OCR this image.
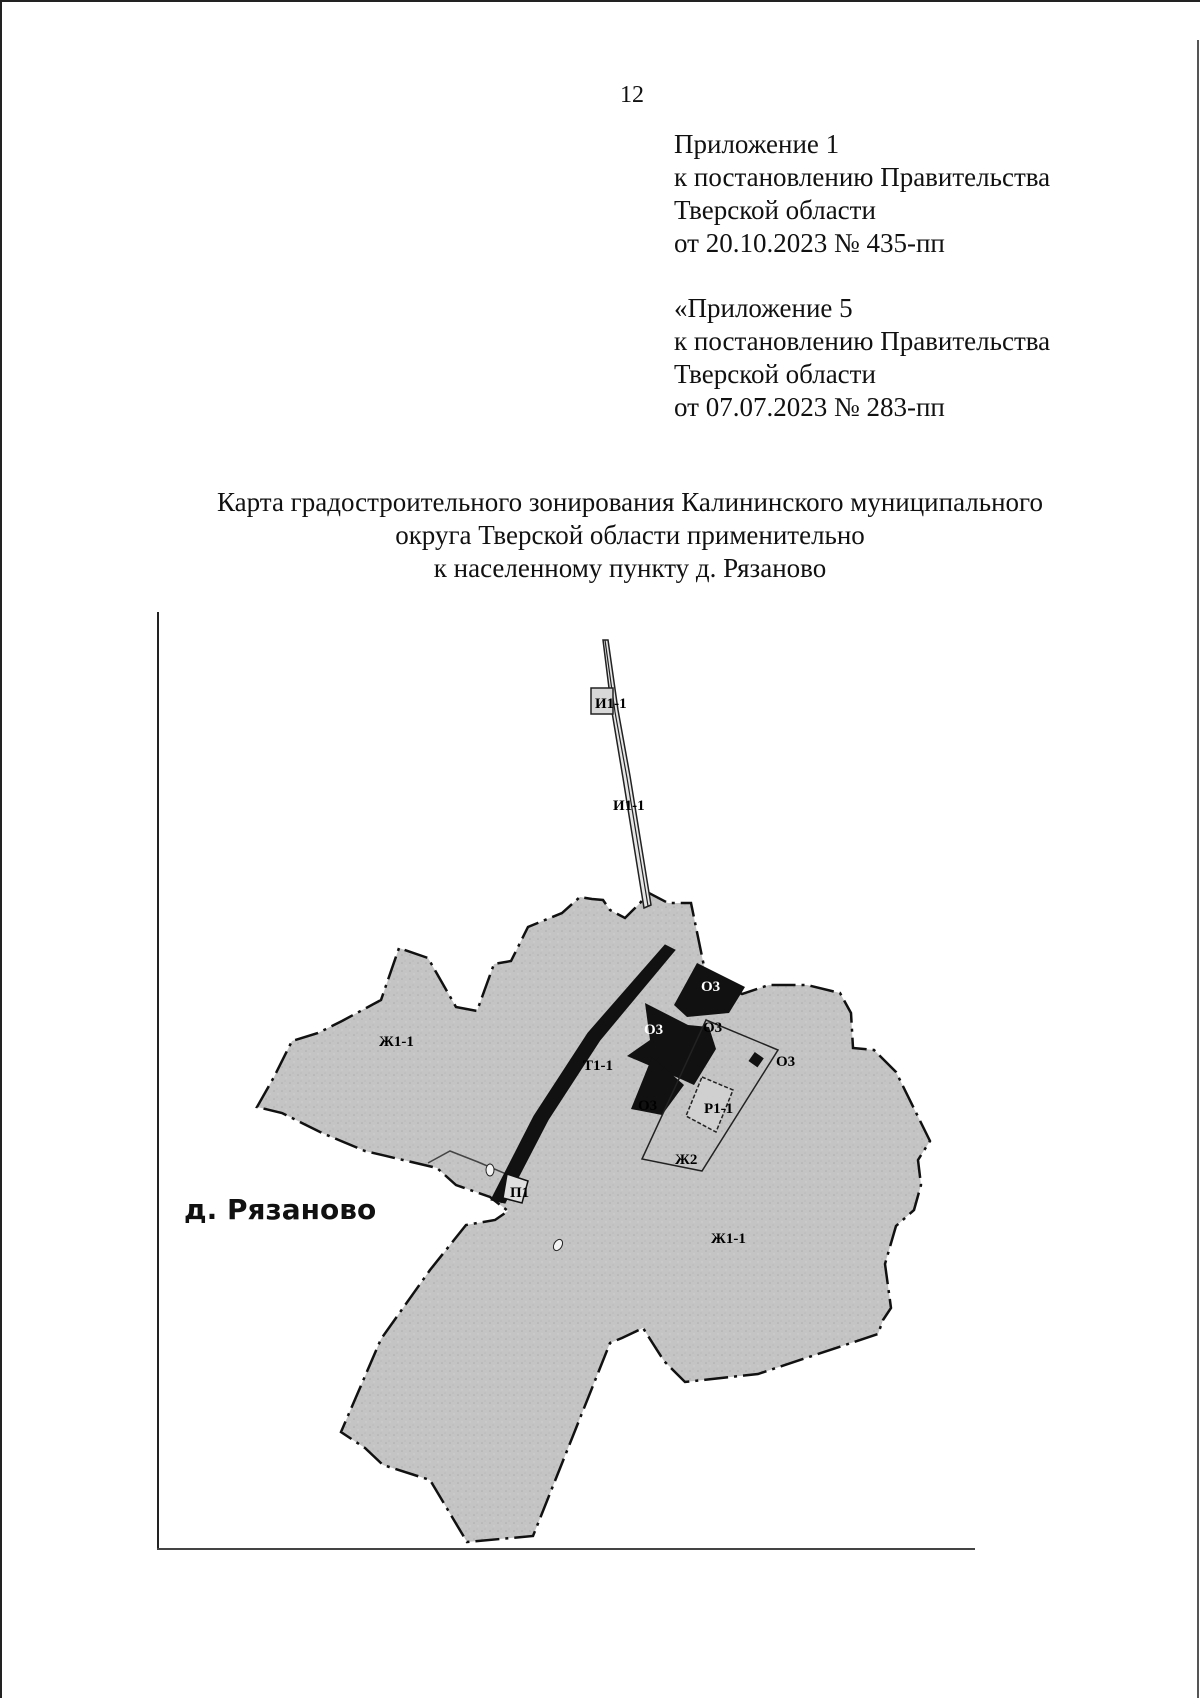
12
Приложение 1
к постановлению Правительства
Тверской области
от 20.10.2023 № 435-пп
«Приложение 5
к постановлению Правительства
Тверской области
от 07.07.2023 № 283-пп
Карта градостроительного зонирования Калининского муниципального
округа Тверской области применительно
к населенному пункту д. Рязаново
И1-1
И1-1
Ж1-1
Т1-1
О3
О3	О3
О3
О3	Р1-1
Ж2
П1
Ж1-1
д. Рязаново
